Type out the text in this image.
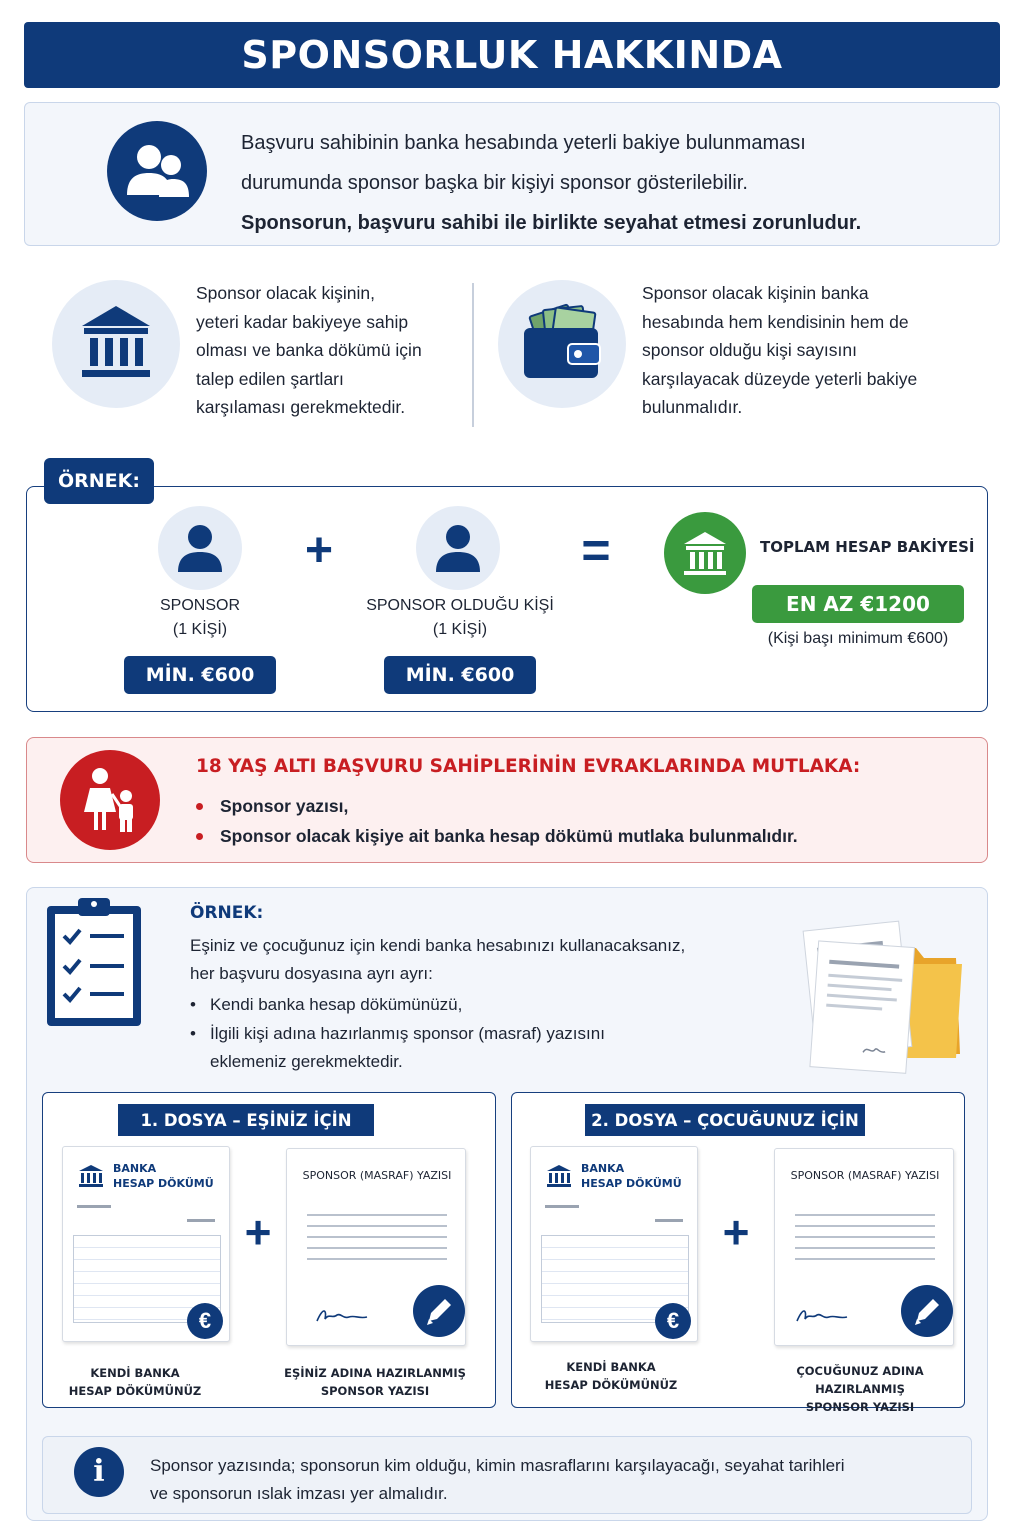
SPONSORLUK HAKKINDA
Başvuru sahibinin banka hesabında yeterli bakiye bulunmaması
durumunda sponsor başka bir kişiyi sponsor gösterilebilir.
Sponsorun, başvuru sahibi ile birlikte seyahat etmesi zorunludur.
Sponsor olacak kişinin,
yeteri kadar bakiyeye sahip
olması ve banka dökümü için
talep edilen şartları
karşılaması gerekmektedir.
Sponsor olacak kişinin banka
hesabında hem kendisinin hem de
sponsor olduğu kişi sayısını
karşılayacak düzeyde yeterli bakiye
bulunmalıdır.
ÖRNEK:
SPONSOR
(1 KİŞİ)
MİN. €600
+
SPONSOR OLDUĞU KİŞİ
(1 KİŞİ)
MİN. €600
=	TOPLAM HESAP BAKİYESİ
EN AZ €1200
(Kişi başı minimum €600)
18 YAŞ ALTI BAŞVURU SAHİPLERİNİN EVRAKLARINDA MUTLAKA:
Sponsor yazısı,
Sponsor olacak kişiye ait banka hesap dökümü mutlaka bulunmalıdır.
ÖRNEK:
Eşiniz ve çocuğunuz için kendi banka hesabınızı kullanacaksanız,
her başvuru dosyasına ayrı ayrı:
• Kendi banka hesap dökümünüzü,
• İlgili kişi adına hazırlanmış sponsor (masraf) yazısını
eklemeniz gerekmektedir.
1. DOSYA – EŞİNİZ İÇİN
BANKA
HESAP DÖKÜMÜ
€
+
SPONSOR (MASRAF) YAZISI
KENDİ BANKA
HESAP DÖKÜMÜNÜZ
EŞİNİZ ADINA HAZIRLANMIŞ
SPONSOR YAZISI
2. DOSYA – ÇOCUĞUNUZ İÇİN
BANKA
HESAP DÖKÜMÜ
€
+
SPONSOR (MASRAF) YAZISI
KENDİ BANKA
HESAP DÖKÜMÜNÜZ
ÇOCUĞUNUZ ADINA HAZIRLANMIŞ
SPONSOR YAZISI
i	Sponsor yazısında; sponsorun kim olduğu, kimin masraflarını karşılayacağı, seyahat tarihleri
ve sponsorun ıslak imzası yer almalıdır.
